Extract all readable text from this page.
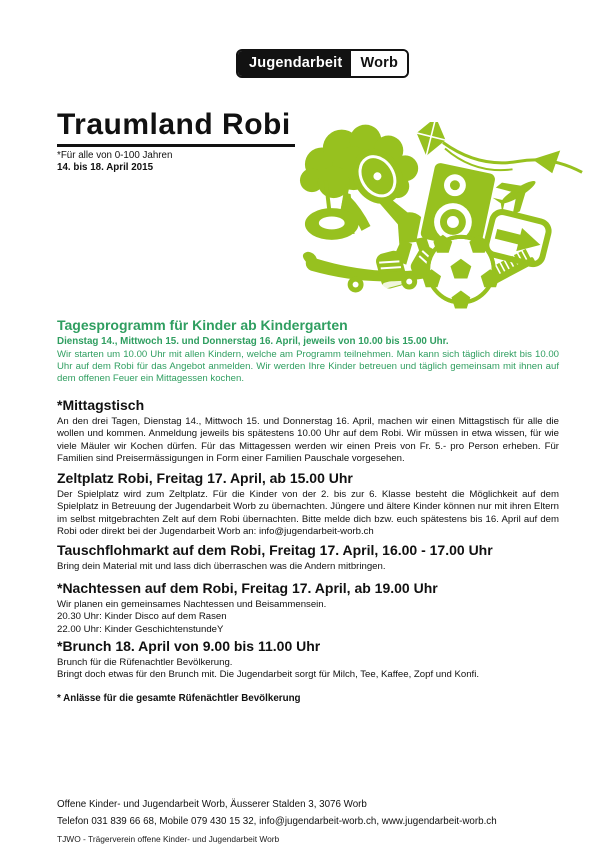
Jugendarbeit	Worb
Traumland Robi
*Für alle von 0-100 Jahren
14. bis 18. April 2015
Tagesprogramm für Kinder ab Kindergarten
Dienstag 14., Mittwoch 15. und Donnerstag 16. April, jeweils von 10.00 bis 15.00 Uhr.
Wir starten um 10.00 Uhr mit allen Kindern, welche am Programm teilnehmen. Man kann sich täglich direkt bis 10.00 Uhr auf dem Robi für das Angebot anmelden. Wir werden Ihre Kinder betreuen und täglich gemeinsam mit ihnen auf dem offenen Feuer ein Mittagessen kochen.
*Mittagstisch
An den drei Tagen, Dienstag 14., Mittwoch 15. und Donnerstag 16. April, machen wir einen Mittagstisch für alle die wollen und kommen. Anmeldung jeweils bis spätestens 10.00 Uhr auf dem Robi. Wir müssen in etwa wissen, für wie viele Mäuler wir Kochen dürfen. Für das Mittagessen werden wir einen Preis von Fr. 5.- pro Person erheben. Für Familien sind Preisermässigungen in Form einer Familien Pauschale vorgesehen.
Zeltplatz Robi, Freitag 17. April, ab 15.00 Uhr
Der Spielplatz wird zum Zeltplatz. Für die Kinder von der 2. bis zur 6. Klasse besteht die Möglichkeit auf dem Spielplatz in Betreuung der Jugendarbeit Worb zu übernachten. Jüngere und ältere Kinder können nur mit ihren Eltern im selbst mitgebrachten Zelt auf dem Robi übernachten. Bitte melde dich bzw. euch spätestens bis 16. April auf dem Robi oder direkt bei der Jugendarbeit Worb an: info@jugendarbeit-worb.ch
Tauschflohmarkt auf dem Robi, Freitag 17. April, 16.00 - 17.00 Uhr
Bring dein Material mit und lass dich überraschen was die Andern mitbringen.
*Nachtessen auf dem Robi, Freitag 17. April, ab 19.00 Uhr
Wir planen ein gemeinsames Nachtessen und Beisammensein.
20.30 Uhr: Kinder Disco auf dem Rasen
22.00 Uhr: Kinder GeschichtenstundeY
*Brunch 18. April von 9.00 bis 11.00 Uhr
Brunch für die Rüfenachtler Bevölkerung.
Bringt doch etwas für den Brunch mit. Die Jugendarbeit sorgt für Milch, Tee, Kaffee, Zopf und Konfi.
* Anlässe für die gesamte Rüfenächtler Bevölkerung
Offene Kinder- und Jugendarbeit Worb, Äusserer Stalden 3, 3076 Worb
Telefon 031 839 66 68, Mobile 079 430 15 32, info@jugendarbeit-worb.ch, www.jugendarbeit-worb.ch
TJWO - Trägerverein offene Kinder- und Jugendarbeit Worb
